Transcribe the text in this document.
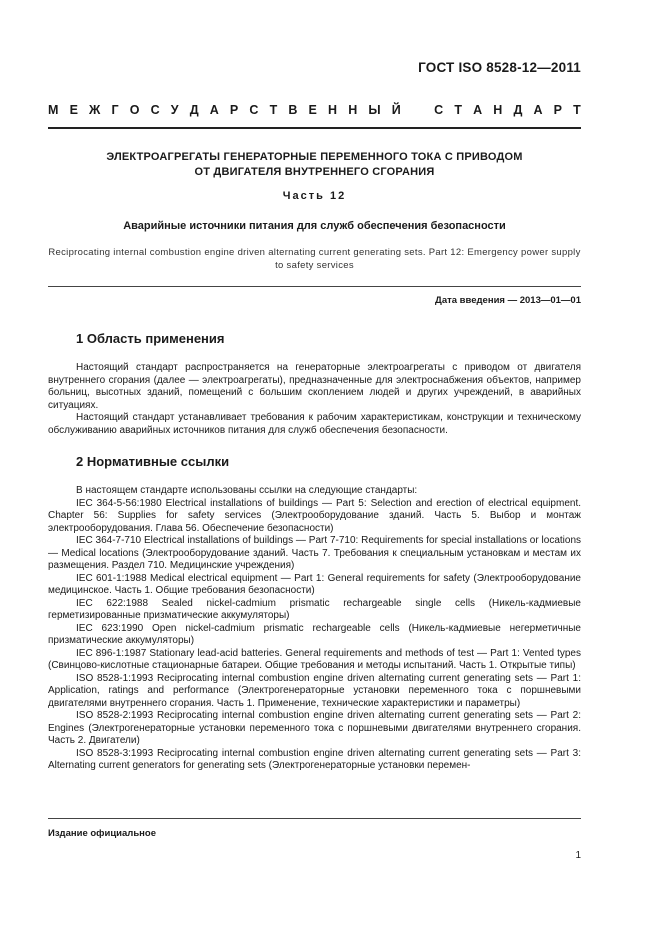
ГОСТ ISO 8528-12—2011
М Е Ж Г О С У Д А Р С Т В Е Н Н Ы Й	С Т А Н Д А Р Т
ЭЛЕКТРОАГРЕГАТЫ ГЕНЕРАТОРНЫЕ ПЕРЕМЕННОГО ТОКА С ПРИВОДОМ
ОТ ДВИГАТЕЛЯ ВНУТРЕННЕГО СГОРАНИЯ
Часть 12
Аварийные источники питания для служб обеспечения безопасности
Reciprocating internal combustion engine driven alternating current generating sets. Part 12: Emergency power supply to safety services
Дата введения — 2013—01—01
1 Область применения

Настоящий стандарт распространяется на генераторные электроагрегаты с приводом от двигателя внутреннего сгорания (далее — электроагрегаты), предназначенные для электроснабжения объектов, например больниц, высотных зданий, помещений с большим скоплением людей и других учреждений, в аварийных ситуациях.

Настоящий стандарт устанавливает требования к рабочим характеристикам, конструкции и техническому обслуживанию аварийных источников питания для служб обеспечения безопасности.

2 Нормативные ссылки

В настоящем стандарте использованы ссылки на следующие стандарты:

IEC 364-5-56:1980 Electrical installations of buildings — Part 5: Selection and erection of electrical equipment. Chapter 56: Supplies for safety services (Электрооборудование зданий. Часть 5. Выбор и монтаж электрооборудования. Глава 56. Обеспечение безопасности)

IEC 364-7-710 Electrical installations of buildings — Part 7-710: Requirements for special installations or locations — Medical locations (Электрооборудование зданий. Часть 7. Требования к специальным установкам и местам их размещения. Раздел 710. Медицинские учреждения)

IEC 601-1:1988 Medical electrical equipment — Part 1: General requirements for safety (Электрооборудование медицинское. Часть 1. Общие требования безопасности)

IEC 622:1988 Sealed nickel-cadmium prismatic rechargeable single cells (Никель-кадмиевые герметизированные призматические аккумуляторы)

IEC 623:1990 Open nickel-cadmium prismatic rechargeable cells (Никель-кадмиевые негерметичные призматические аккумуляторы)

IEC 896-1:1987 Stationary lead-acid batteries. General requirements and methods of test — Part 1: Vented types (Свинцово-кислотные стационарные батареи. Общие требования и методы испытаний. Часть 1. Открытые типы)

ISO 8528-1:1993 Reciprocating internal combustion engine driven alternating current generating sets — Part 1: Application, ratings and performance (Электрогенераторные установки переменного тока с поршневыми двигателями внутреннего сгорания. Часть 1. Применение, технические характеристики и параметры)

ISO 8528-2:1993 Reciprocating internal combustion engine driven alternating current generating sets — Part 2: Engines (Электрогенераторные установки переменного тока с поршневыми двигателями внутреннего сгорания. Часть 2. Двигатели)

ISO 8528-3:1993 Reciprocating internal combustion engine driven alternating current generating sets — Part 3: Alternating current generators for generating sets (Электрогенераторные установки перемен-

Издание официальное
1
